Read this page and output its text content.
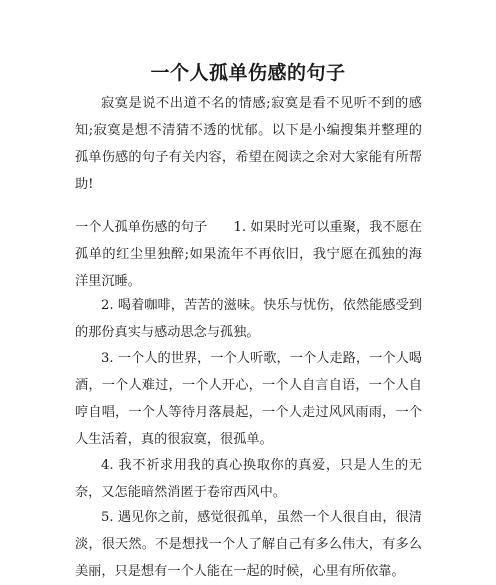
一个人孤单伤感的句子

寂寞是说不出道不名的情感;寂寞是看不见听不到的感知;寂寞是想不清猜不透的忧郁。以下是小编搜集并整理的孤单伤感的句子有关内容，希望在阅读之余对大家能有所帮助!

一个人孤单伤感的句子　　1. 如果时光可以重聚，我不愿在孤单的红尘里独醉;如果流年不再依旧，我宁愿在孤独的海洋里沉睡。

2. 喝着咖啡，苦苦的滋味。快乐与忧伤，依然能感受到的那份真实与感动思念与孤独。

3. 一个人的世界，一个人听歌，一个人走路，一个人喝酒，一个人难过，一个人开心，一个人自言自语，一个人自哼自唱，一个人等待月落晨起，一个人走过风风雨雨，一个人生活着，真的很寂寞，很孤单。

4. 我不祈求用我的真心换取你的真爱，只是人生的无奈，又怎能暗然消匿于卷帘西风中。

5. 遇见你之前，感觉很孤单，虽然一个人很自由，很清淡，很天然。不是想找一个人了解自己有多么伟大，有多么美丽，只是想有一个人能在一起的时候，心里有所依靠。
